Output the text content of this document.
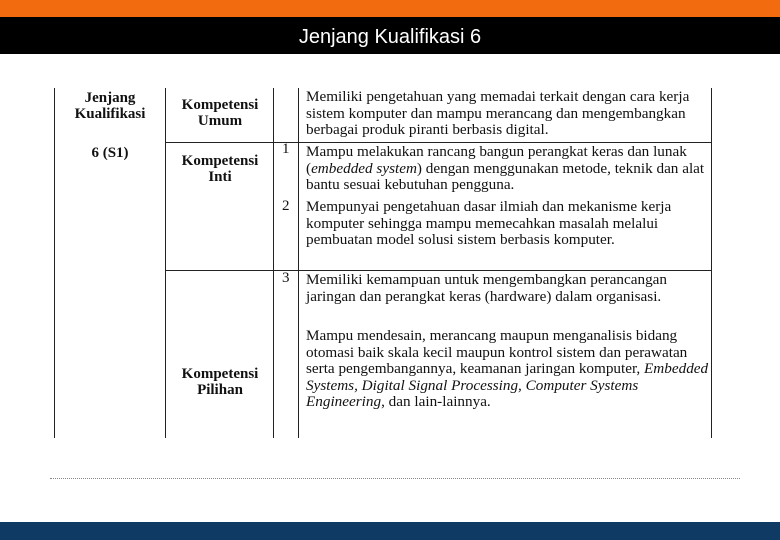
Jenjang Kualifikasi 6
Jenjang Kualifikasi
6 (S1)
Kompetensi Umum
Kompetensi Inti
Kompetensi Pilihan
1
2
3
Memiliki pengetahuan yang memadai terkait dengan cara kerja sistem komputer dan mampu merancang dan mengembangkan berbagai produk piranti berbasis digital.
Mampu melakukan rancang bangun perangkat keras dan lunak (embedded system) dengan menggunakan metode, teknik dan alat bantu sesuai kebutuhan pengguna.
Mempunyai pengetahuan dasar ilmiah dan mekanisme kerja komputer sehingga mampu memecahkan masalah melalui pembuatan model solusi sistem berbasis komputer.
Memiliki kemampuan untuk mengembangkan perancangan jaringan dan perangkat keras (hardware) dalam organisasi.
Mampu mendesain, merancang maupun menganalisis bidang otomasi baik skala kecil maupun kontrol sistem dan perawatan serta pengembangannya, keamanan jaringan komputer, Embedded Systems, Digital Signal Processing, Computer Systems Engineering, dan lain-lainnya.
